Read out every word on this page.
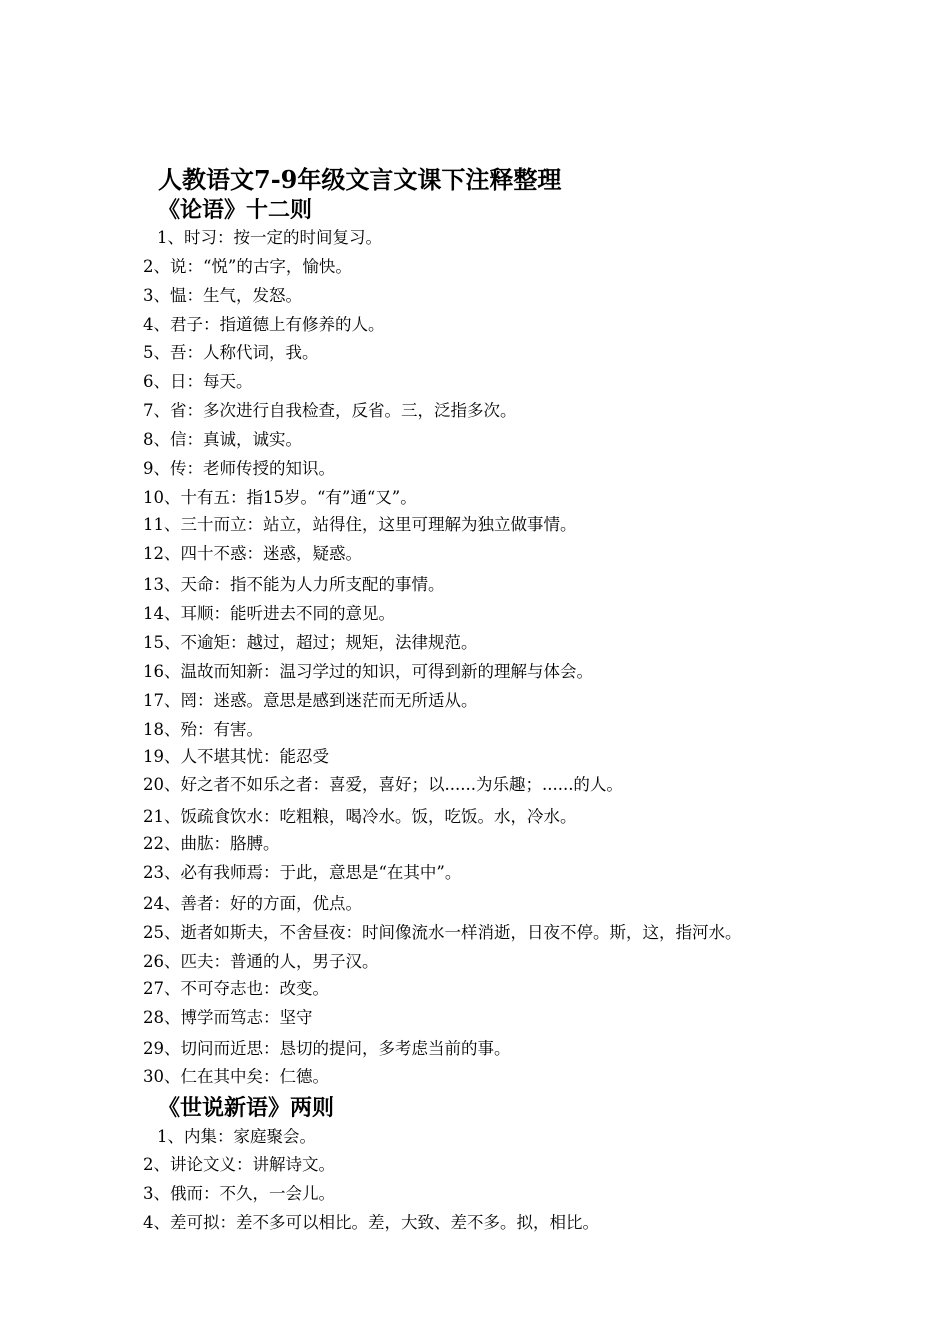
人教语文7-9年级文言文课下注释整理
《论语》十二则
1、时习：按一定的时间复习。
2、说：“悦”的古字，愉快。
3、愠：生气，发怒。
4、君子：指道德上有修养的人。
5、吾：人称代词，我。
6、日：每天。
7、省：多次进行自我检查，反省。三，泛指多次。
8、信：真诚，诚实。
9、传：老师传授的知识。
10、十有五：指15岁。“有”通“又”。
11、三十而立：站立，站得住，这里可理解为独立做事情。
12、四十不惑：迷惑，疑惑。
13、天命：指不能为人力所支配的事情。
14、耳顺：能听进去不同的意见。
15、不逾矩：越过，超过；规矩，法律规范。
16、温故而知新：温习学过的知识，可得到新的理解与体会。
17、罔：迷惑。意思是感到迷茫而无所适从。
18、殆：有害。
19、人不堪其忧：能忍受
20、好之者不如乐之者：喜爱，喜好；以......为乐趣；......的人。
21、饭疏食饮水：吃粗粮，喝冷水。饭，吃饭。水，冷水。
22、曲肱：胳膊。
23、必有我师焉：于此，意思是“在其中”。
24、善者：好的方面，优点。
25、逝者如斯夫，不舍昼夜：时间像流水一样消逝，日夜不停。斯，这，指河水。
26、匹夫：普通的人，男子汉。
27、不可夺志也：改变。
28、博学而笃志：坚守
29、切问而近思：恳切的提问，多考虑当前的事。
30、仁在其中矣：仁德。
《世说新语》两则
1、内集：家庭聚会。
2、讲论文义：讲解诗文。
3、俄而：不久，一会儿。
4、差可拟：差不多可以相比。差，大致、差不多。拟，相比。
